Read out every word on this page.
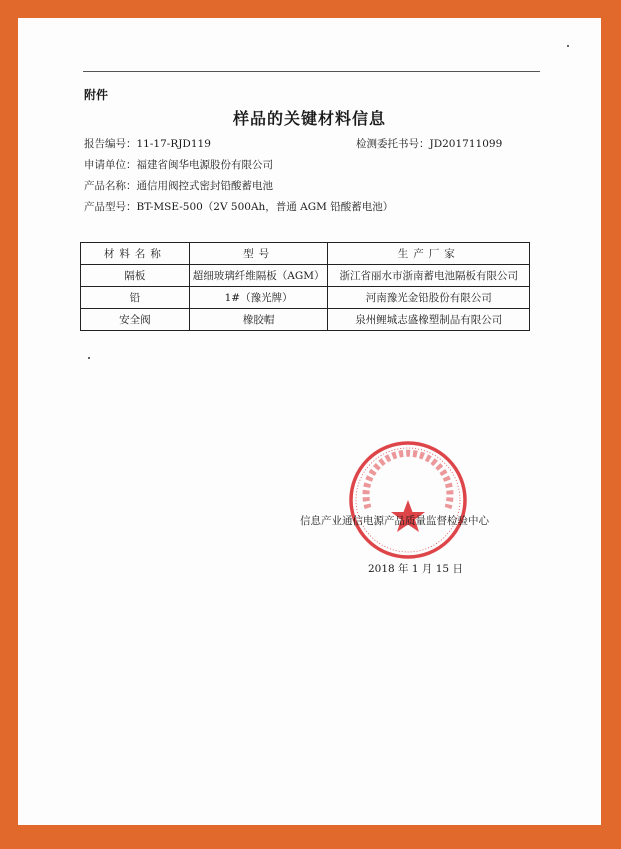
附件
样品的关键材料信息
报告编号：11-17-RJD119	检测委托书号：JD201711099
申请单位：福建省闽华电源股份有限公司
产品名称：通信用阀控式密封铅酸蓄电池
产品型号：BT-MSE-500（2V 500Ah，普通 AGM 铅酸蓄电池）
材料名称	型号	生产厂家
隔板	超细玻璃纤维隔板（AGM）	浙江省丽水市浙南蓄电池隔板有限公司
铅	1#（豫光牌）	河南豫光金铅股份有限公司
安全阀	橡胶帽	泉州鲤城志盛橡塑制品有限公司
信息产业通信电源产品质量监督检验中心
2018 年 1 月 15 日
